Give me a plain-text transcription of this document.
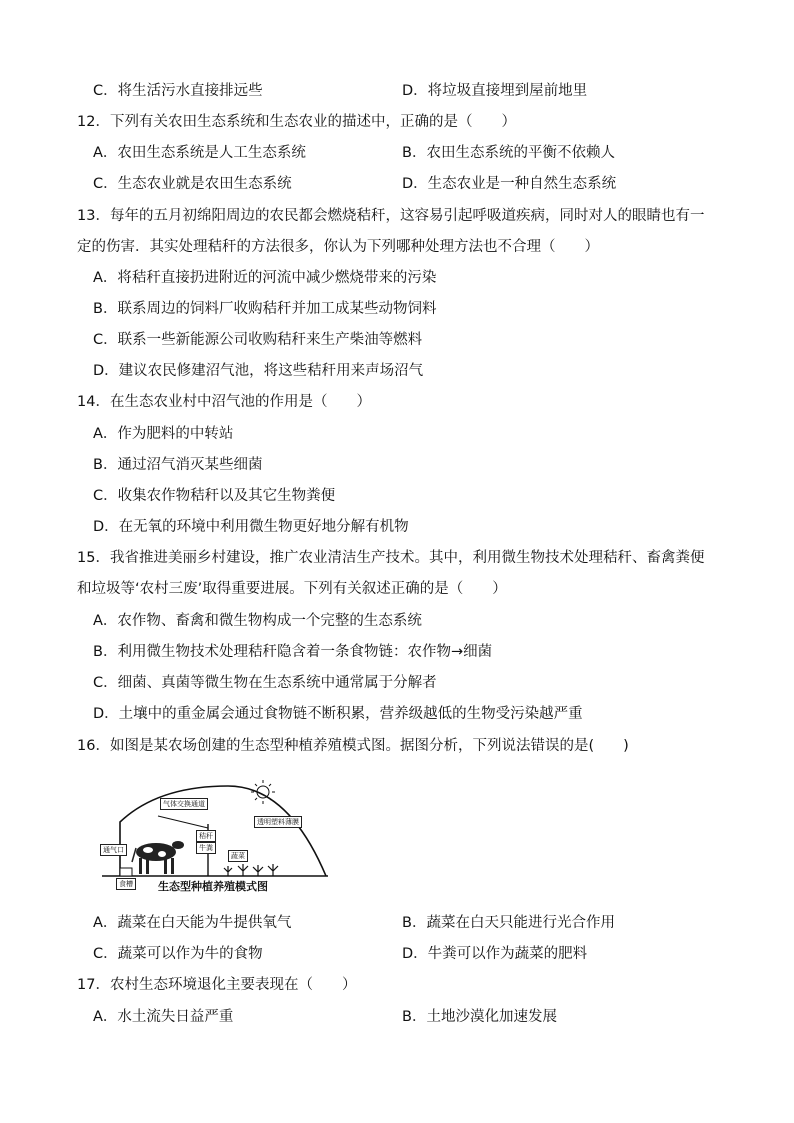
C．将生活污水直接排远些	D．将垃圾直接埋到屋前地里
12．下列有关农田生态系统和生态农业的描述中，正确的是（　　）
A．农田生态系统是人工生态系统	B．农田生态系统的平衡不依赖人
C．生态农业就是农田生态系统	D．生态农业是一种自然生态系统
13．每年的五月初绵阳周边的农民都会燃烧秸秆，这容易引起呼吸道疾病，同时对人的眼睛也有一
定的伤害．其实处理秸秆的方法很多，你认为下列哪种处理方法也不合理（　　）
A．将秸秆直接扔进附近的河流中减少燃烧带来的污染
B．联系周边的饲料厂收购秸秆并加工成某些动物饲料
C．联系一些新能源公司收购秸秆来生产柴油等燃料
D．建议农民修建沼气池，将这些秸秆用来声场沼气
14．在生态农业村中沼气池的作用是（　　）
A．作为肥料的中转站
B．通过沼气消灭某些细菌
C．收集农作物秸秆以及其它生物粪便
D．在无氧的环境中利用微生物更好地分解有机物
15．我省推进美丽乡村建设，推广农业清洁生产技术。其中，利用微生物技术处理秸秆、畜禽粪便
和垃圾等‘农村三废’取得重要进展。下列有关叙述正确的是（　　）
A．农作物、畜禽和微生物构成一个完整的生态系统
B．利用微生物技术处理秸秆隐含着一条食物链：农作物→细菌
C．细菌、真菌等微生物在生态系统中通常属于分解者
D．土壤中的重金属会通过食物链不断积累，营养级越低的生物受污染越严重
16．如图是某农场创建的生态型种植养殖模式图。据图分析，下列说法错误的是(　　)
气体交换通道
透明塑料薄膜
秸秆
牛粪
蔬菜
通气口
食槽 生态型种植养殖模式图
A．蔬菜在白天能为牛提供氧气	B．蔬菜在白天只能进行光合作用
C．蔬菜可以作为牛的食物	D．牛粪可以作为蔬菜的肥料
17．农村生态环境退化主要表现在（　　）
A．水土流失日益严重	B．土地沙漠化加速发展
